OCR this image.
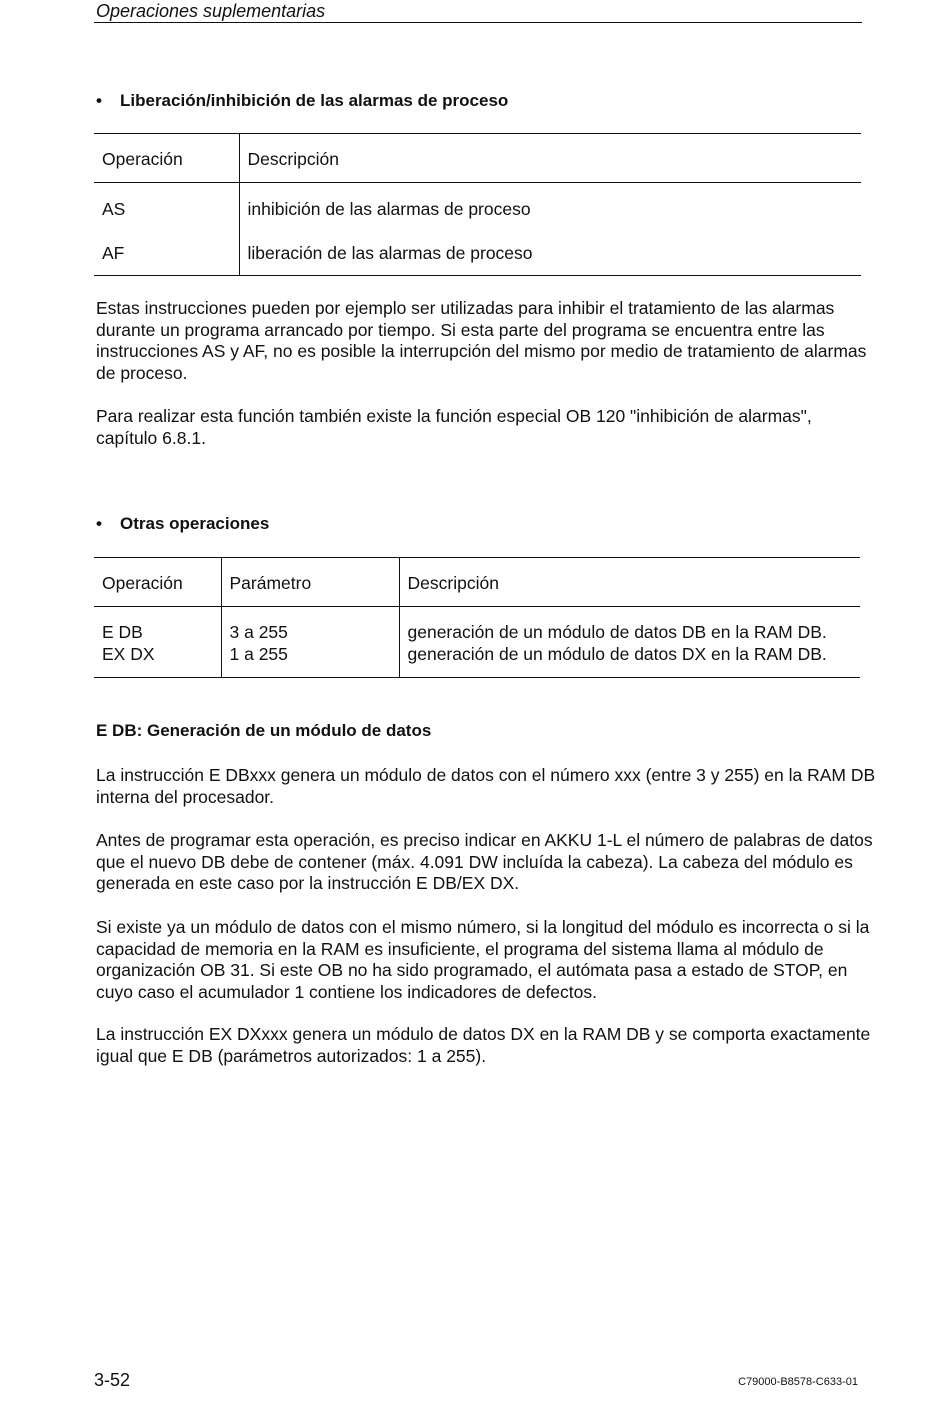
Operaciones suplementarias
• Liberación/inhibición de las alarmas de proceso
Operación	Descripción
AS	inhibición de las alarmas de proceso
AF	liberación de las alarmas de proceso

Estas instrucciones pueden por ejemplo ser utilizadas para inhibir el tratamiento de las alarmas durante un programa arrancado por tiempo. Si esta parte del programa se encuentra entre las instrucciones AS y AF, no es posible la interrupción del mismo por medio de tratamiento de alarmas de proceso.

Para realizar esta función también existe la función especial OB 120 "inhibición de alarmas", capítulo 6.8.1.

• Otras operaciones
Operación	Parámetro	Descripción
E DB	3 a 255	generación de un módulo de datos DB en la RAM DB.
EX DX	1 a 255	generación de un módulo de datos DX en la RAM DB.
E DB: Generación de un módulo de datos

La instrucción E DBxxx genera un módulo de datos con el número xxx (entre 3 y 255) en la RAM DB interna del procesador.

Antes de programar esta operación, es preciso indicar en AKKU 1-L el número de palabras de datos que el nuevo DB debe de contener (máx. 4.091 DW incluída la cabeza). La cabeza del módulo es generada en este caso por la instrucción E DB/EX DX.

Si existe ya un módulo de datos con el mismo número, si la longitud del módulo es incorrecta o si la capacidad de memoria en la RAM es insuficiente, el programa del sistema llama al módulo de organización OB 31. Si este OB no ha sido programado, el autómata pasa a estado de STOP, en cuyo caso el acumulador 1 contiene los indicadores de defectos.

La instrucción EX DXxxx genera un módulo de datos DX en la RAM DB y se comporta exactamente igual que E DB (parámetros autorizados: 1 a 255).

3-52	C79000-B8578-C633-01
